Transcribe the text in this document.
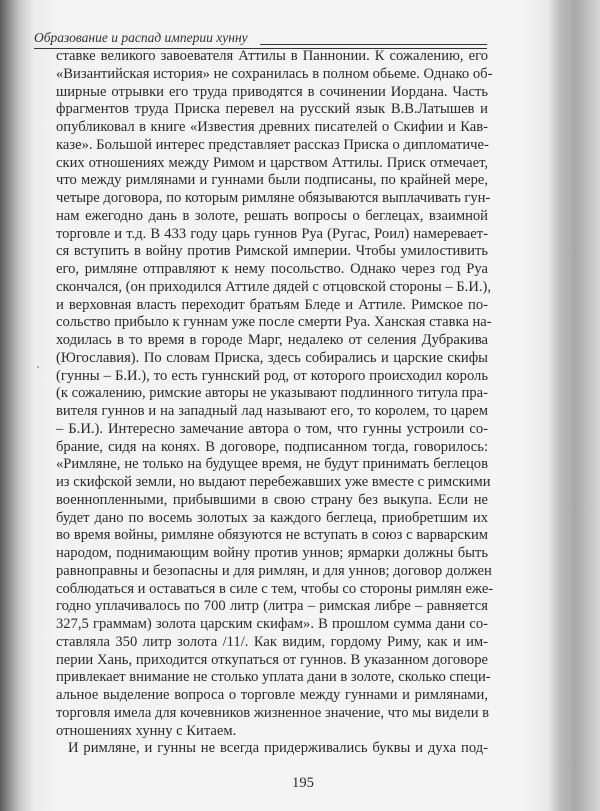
Образование и распад империи хунну
ставке великого завоевателя Аттилы в Паннонии. К сожалению, его
«Византийская история» не сохранилась в полном обьеме. Однако об-
ширные отрывки его труда приводятся в сочинении Иордана. Часть
фрагментов труда Приска перевел на русский язык В.В.Латышев и
опубликовал в книге «Известия древних писателей о Скифии и Кав-
казе». Большой интерес представляет рассказ Приска о дипломатиче-
ских отношениях между Римом и царством Аттилы. Приск отмечает,
что между римлянами и гуннами были подписаны, по крайней мере,
четыре договора, по которым римляне обязываются выплачивать гун-
нам ежегодно дань в золоте, решать вопросы о беглецах, взаимной
торговле и т.д. В 433 году царь гуннов Руа (Ругас, Роил) намеревает-
ся вступить в войну против Римской империи. Чтобы умилостивить
его, римляне отправляют к нему посольство. Однако через год Руа
скончался, (он приходился Аттиле дядей с отцовской стороны – Б.И.),
и верховная власть переходит братьям Бледе и Аттиле. Римское по-
сольство прибыло к гуннам уже после смерти Руа. Ханская ставка на-
ходилась в то время в городе Марг, недалеко от селения Дубракива
(Югославия). По словам Приска, здесь собирались и царские скифы
(гунны – Б.И.), то есть гуннский род, от которого происходил король
(к сожалению, римские авторы не указывают подлинного титула пра-
вителя гуннов и на западный лад называют его, то королем, то царем
– Б.И.). Интересно замечание автора о том, что гунны устроили со-
брание, сидя на конях. В договоре, подписанном тогда, говорилось:
«Римляне, не только на будущее время, не будут принимать беглецов
из скифской земли, но выдают перебежавших уже вместе с римскими
военнопленными, прибывшими в свою страну без выкупа. Если не
будет дано по восемь золотых за каждого беглеца, приобретшим их
во время войны, римляне обязуются не вступать в союз с варварским
народом, поднимающим войну против уннов; ярмарки должны быть
равноправны и безопасны и для римлян, и для уннов; договор должен
соблюдаться и оставаться в силе с тем, чтобы со стороны римлян еже-
годно уплачивалось по 700 литр (литра – римская либре – равняется
327,5 граммам) золота царским скифам». В прошлом сумма дани со-
ставляла 350 литр золота /11/. Как видим, гордому Риму, как и им-
перии Хань, приходится откупаться от гуннов. В указанном договоре
привлекает внимание не столько уплата дани в золоте, сколько специ-
альное выделение вопроса о торговле между гуннами и римлянами,
торговля имела для кочевников жизненное значение, что мы видели в
отношениях хунну с Китаем.
И римляне, и гунны не всегда придерживались буквы и духа под-
195
